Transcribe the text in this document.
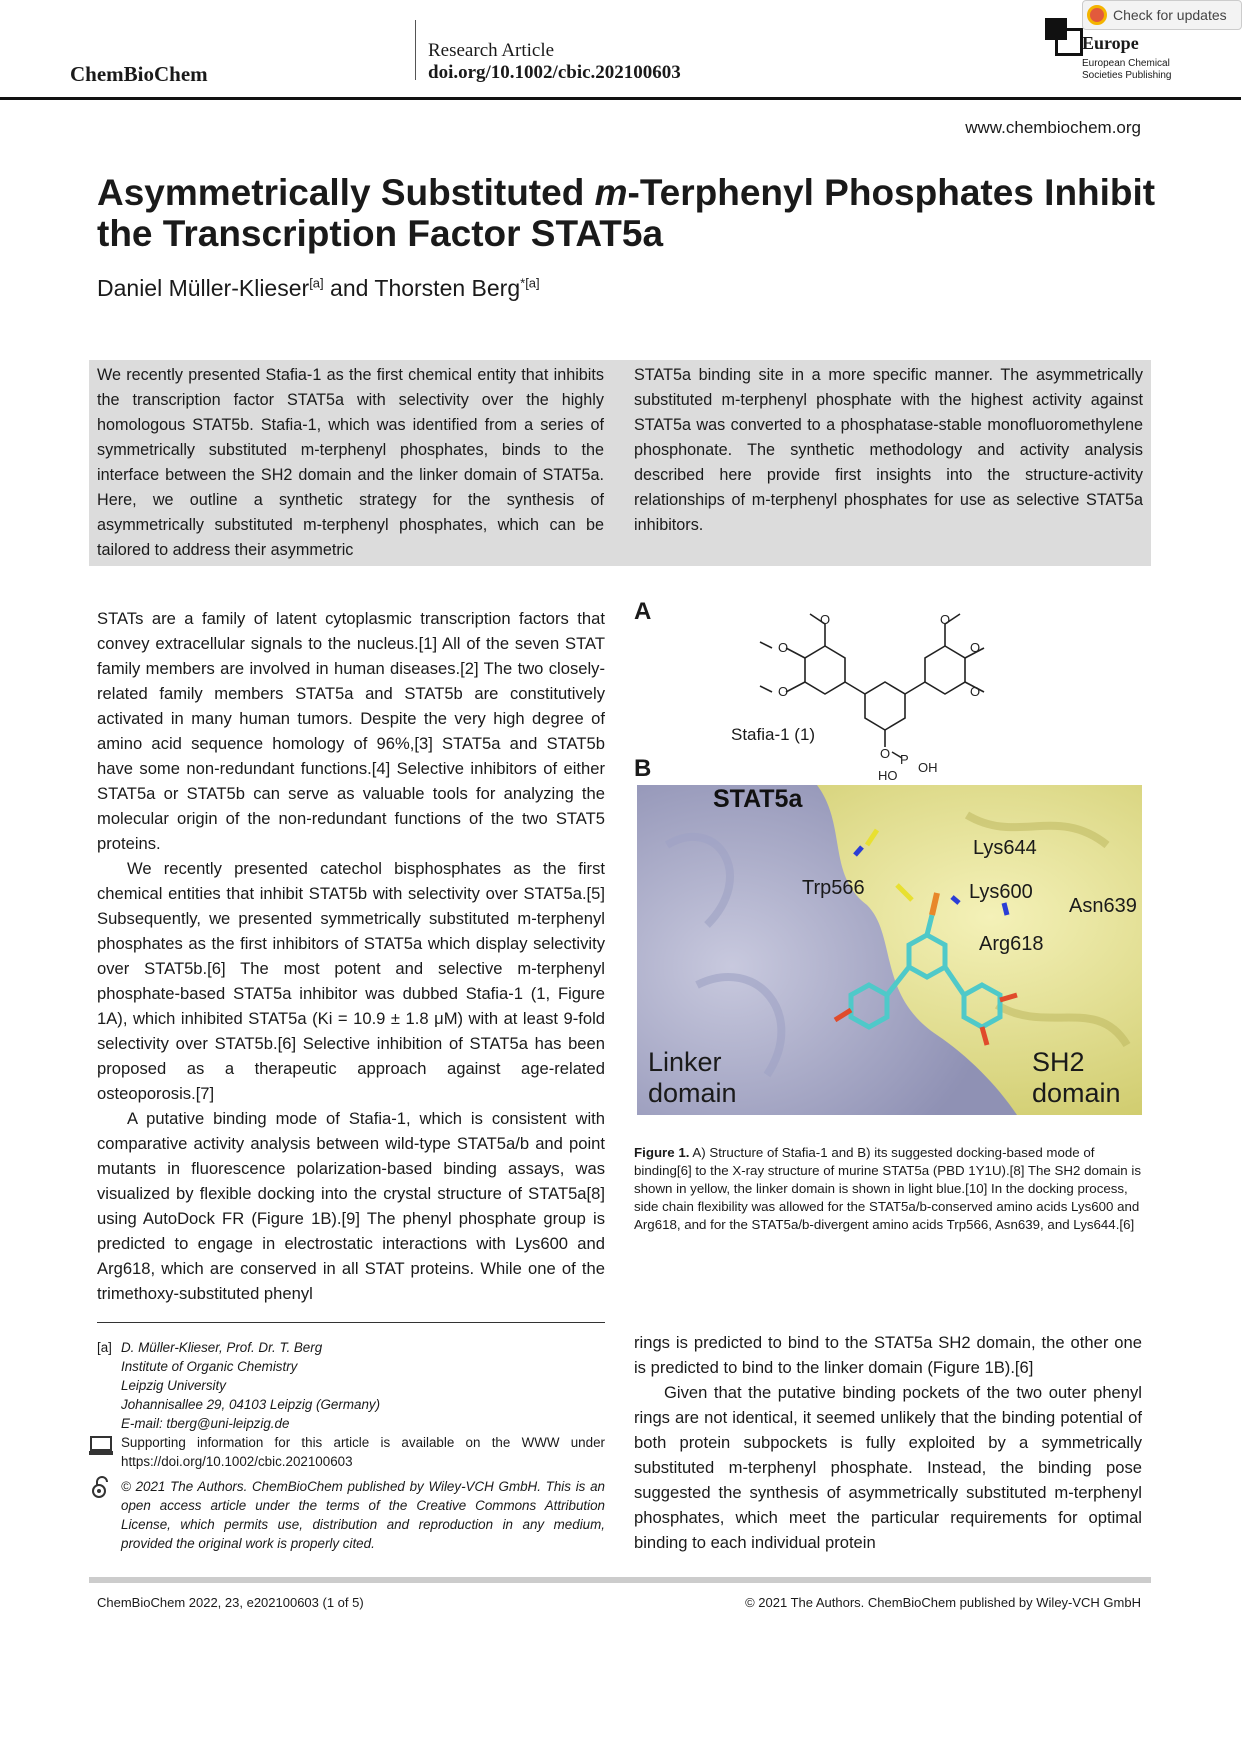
ChemBioChem
Research Article
doi.org/10.1002/cbic.202100603
Europe
European Chemical Societies Publishing
Check for updates
www.chembiochem.org
Asymmetrically Substituted m-Terphenyl Phosphates Inhibit the Transcription Factor STAT5a
Daniel Müller-Klieser[a] and Thorsten Berg$^{*[a]}$
We recently presented Stafia-1 as the first chemical entity that inhibits the transcription factor STAT5a with selectivity over the highly homologous STAT5b. Stafia-1, which was identified from a series of symmetrically substituted m-terphenyl phosphates, binds to the interface between the SH2 domain and the linker domain of STAT5a. Here, we outline a synthetic strategy for the synthesis of asymmetrically substituted m-terphenyl phosphates, which can be tailored to address their asymmetric
STAT5a binding site in a more specific manner. The asymmetrically substituted m-terphenyl phosphate with the highest activity against STAT5a was converted to a phosphatase-stable monofluoromethylene phosphonate. The synthetic methodology and activity analysis described here provide first insights into the structure-activity relationships of m-terphenyl phosphates for use as selective STAT5a inhibitors.

STATs are a family of latent cytoplasmic transcription factors that convey extracellular signals to the nucleus.[1] All of the seven STAT family members are involved in human diseases.[2] The two closely-related family members STAT5a and STAT5b are constitutively activated in many human tumors. Despite the very high degree of amino acid sequence homology of 96%,[3] STAT5a and STAT5b have some non-redundant functions.[4] Selective inhibitors of either STAT5a or STAT5b can serve as valuable tools for analyzing the molecular origin of the non-redundant functions of the two STAT5 proteins.

We recently presented catechol bisphosphates as the first chemical entities that inhibit STAT5b with selectivity over STAT5a.[5] Subsequently, we presented symmetrically substituted m-terphenyl phosphates as the first inhibitors of STAT5a which display selectivity over STAT5b.[6] The most potent and selective m-terphenyl phosphate-based STAT5a inhibitor was dubbed Stafia-1 (1, Figure 1A), which inhibited STAT5a (Ki = 10.9 ± 1.8 μM) with at least 9-fold selectivity over STAT5b.[6] Selective inhibition of STAT5a has been proposed as a therapeutic approach against age-related osteoporosis.[7]

A putative binding mode of Stafia-1, which is consistent with comparative activity analysis between wild-type STAT5a/b and point mutants in fluorescence polarization-based binding assays, was visualized by flexible docking into the crystal structure of STAT5a[8] using AutoDock FR (Figure 1B).[9] The phenyl phosphate group is predicted to engage in electrostatic interactions with Lys600 and Arg618, which are conserved in all STAT proteins. While one of the trimethoxy-substituted phenyl

A	O
O
O
O
O
O
O P
OH
HO
Stafia-1 (1)
B
STAT5a
Lys644
Trp566	Lys600
Asn639
Arg618
Linker
domain
SH2
domain
Figure 1. A) Structure of Stafia-1 and B) its suggested docking-based mode of binding[6] to the X-ray structure of murine STAT5a (PBD 1Y1U).[8] The SH2 domain is shown in yellow, the linker domain is shown in light blue.[10] In the docking process, side chain flexibility was allowed for the STAT5a/b-conserved amino acids Lys600 and Arg618, and for the STAT5a/b-divergent amino acids Trp566, Asn639, and Lys644.[6]
[a] D. Müller-Klieser, Prof. Dr. T. Berg
Institute of Organic Chemistry
Leipzig University
Johannisallee 29, 04103 Leipzig (Germany)
E-mail: tberg@uni-leipzig.de
Supporting information for this article is available on the WWW under https://doi.org/10.1002/cbic.202100603
© 2021 The Authors. ChemBioChem published by Wiley-VCH GmbH. This is an open access article under the terms of the Creative Commons Attribution License, which permits use, distribution and reproduction in any medium, provided the original work is properly cited.

rings is predicted to bind to the STAT5a SH2 domain, the other one is predicted to bind to the linker domain (Figure 1B).[6]

Given that the putative binding pockets of the two outer phenyl rings are not identical, it seemed unlikely that the binding potential of both protein subpockets is fully exploited by a symmetrically substituted m-terphenyl phosphate. Instead, the binding pose suggested the synthesis of asymmetrically substituted m-terphenyl phosphates, which meet the particular requirements for optimal binding to each individual protein

ChemBioChem 2022, 23, e202100603 (1 of 5)	© 2021 The Authors. ChemBioChem published by Wiley-VCH GmbH
